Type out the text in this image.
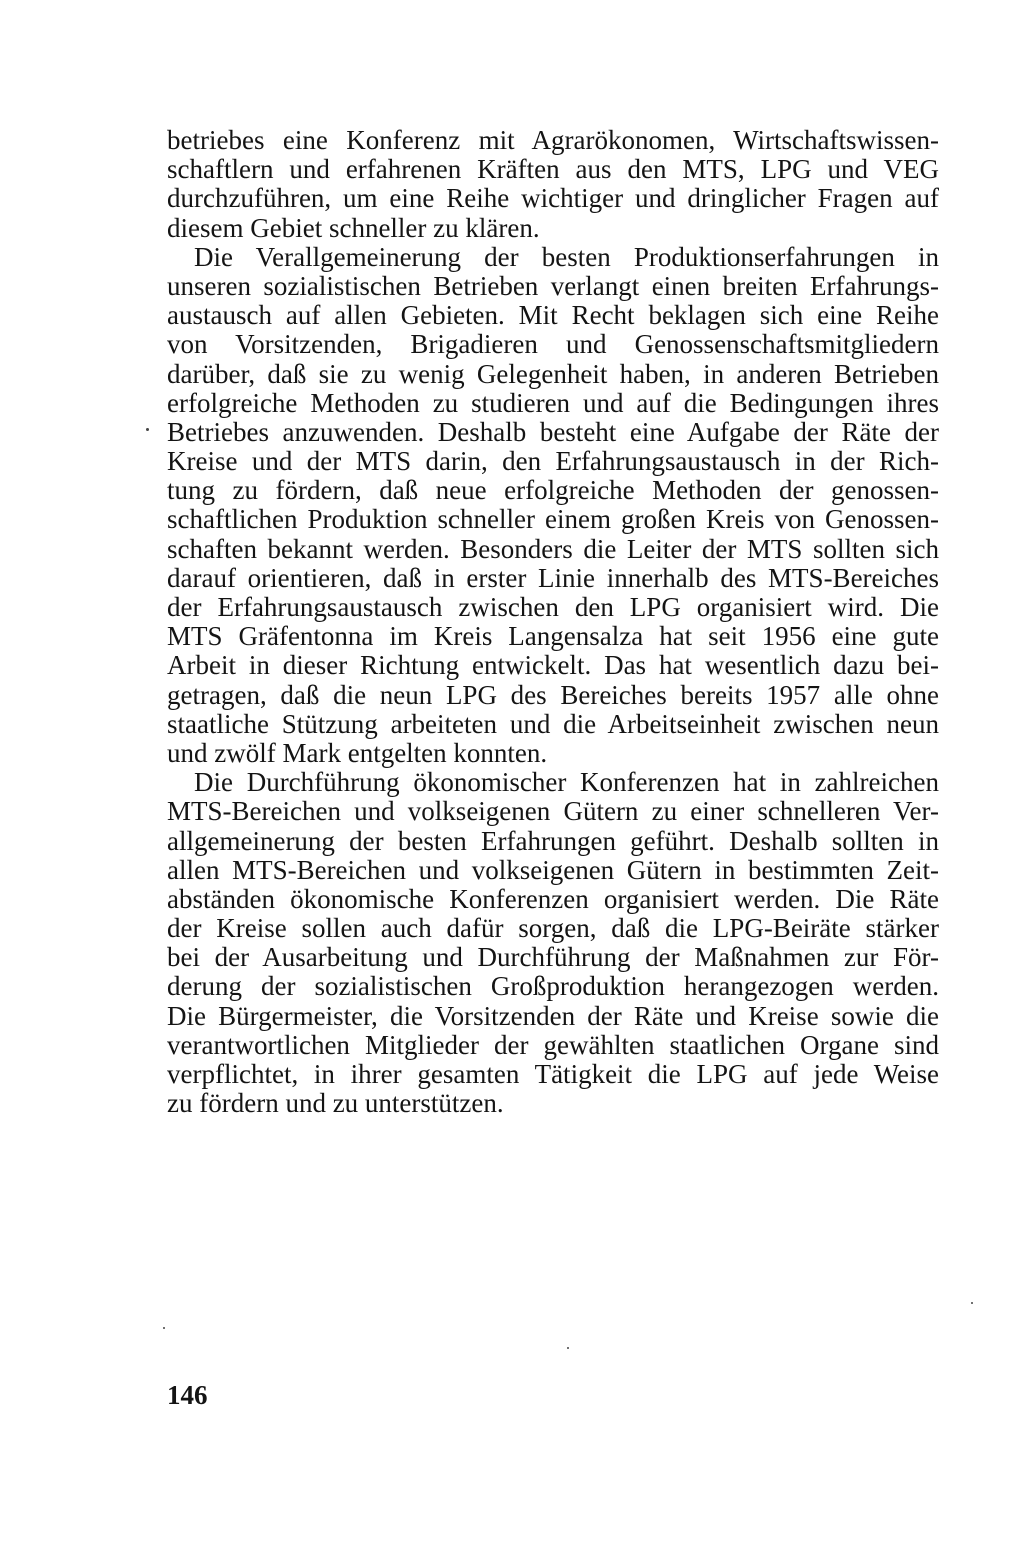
betriebes eine Konferenz mit Agrarökonomen, Wirtschaftswissen-
schaftlern und erfahrenen Kräften aus den MTS, LPG und VEG
durchzuführen, um eine Reihe wichtiger und dringlicher Fragen auf
diesem Gebiet schneller zu klären.
Die Verallgemeinerung der besten Produktionserfahrungen in
unseren sozialistischen Betrieben verlangt einen breiten Erfahrungs-
austausch auf allen Gebieten. Mit Recht beklagen sich eine Reihe
von Vorsitzenden, Brigadieren und Genossenschaftsmitgliedern
darüber, daß sie zu wenig Gelegenheit haben, in anderen Betrieben
erfolgreiche Methoden zu studieren und auf die Bedingungen ihres
Betriebes anzuwenden. Deshalb besteht eine Aufgabe der Räte der
Kreise und der MTS darin, den Erfahrungsaustausch in der Rich-
tung zu fördern, daß neue erfolgreiche Methoden der genossen-
schaftlichen Produktion schneller einem großen Kreis von Genossen-
schaften bekannt werden. Besonders die Leiter der MTS sollten sich
darauf orientieren, daß in erster Linie innerhalb des MTS-Bereiches
der Erfahrungsaustausch zwischen den LPG organisiert wird. Die
MTS Gräfentonna im Kreis Langensalza hat seit 1956 eine gute
Arbeit in dieser Richtung entwickelt. Das hat wesentlich dazu bei-
getragen, daß die neun LPG des Bereiches bereits 1957 alle ohne
staatliche Stützung arbeiteten und die Arbeitseinheit zwischen neun
und zwölf Mark entgelten konnten.
Die Durchführung ökonomischer Konferenzen hat in zahlreichen
MTS-Bereichen und volkseigenen Gütern zu einer schnelleren Ver-
allgemeinerung der besten Erfahrungen geführt. Deshalb sollten in
allen MTS-Bereichen und volkseigenen Gütern in bestimmten Zeit-
abständen ökonomische Konferenzen organisiert werden. Die Räte
der Kreise sollen auch dafür sorgen, daß die LPG-Beiräte stärker
bei der Ausarbeitung und Durchführung der Maßnahmen zur För-
derung der sozialistischen Großproduktion herangezogen werden.
Die Bürgermeister, die Vorsitzenden der Räte und Kreise sowie die
verantwortlichen Mitglieder der gewählten staatlichen Organe sind
verpflichtet, in ihrer gesamten Tätigkeit die LPG auf jede Weise
zu fördern und zu unterstützen.
146
